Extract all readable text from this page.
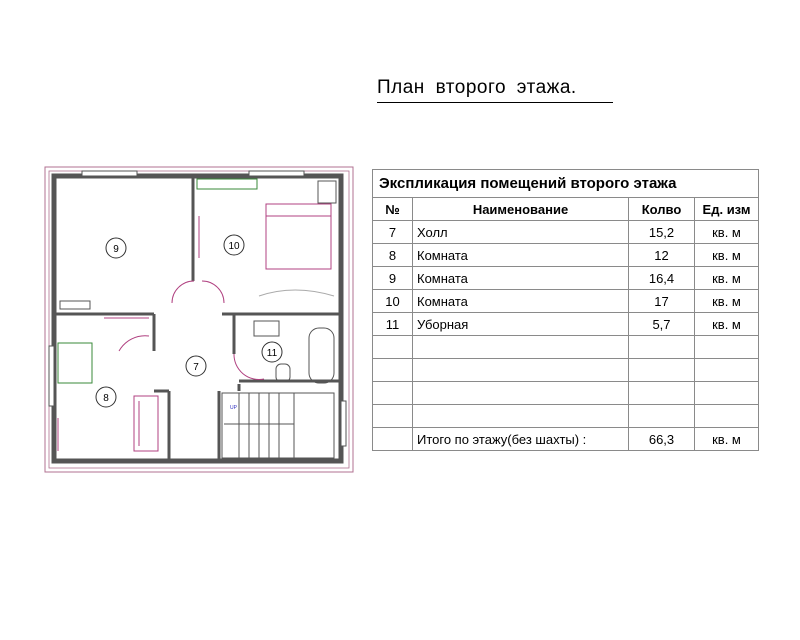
План второго этажа.
UP
9	10
7
11
8
Экспликация помещений второго этажа			
№	Наименование	Колво	Ед. изм
7	Холл	15,2	кв. м
8	Комната	12	кв. м
9	Комната	16,4	кв. м
10	Комната	17	кв. м
11	Уборная	5,7	кв. м

	Итого по этажу(без шахты) :	66,3	кв. м
